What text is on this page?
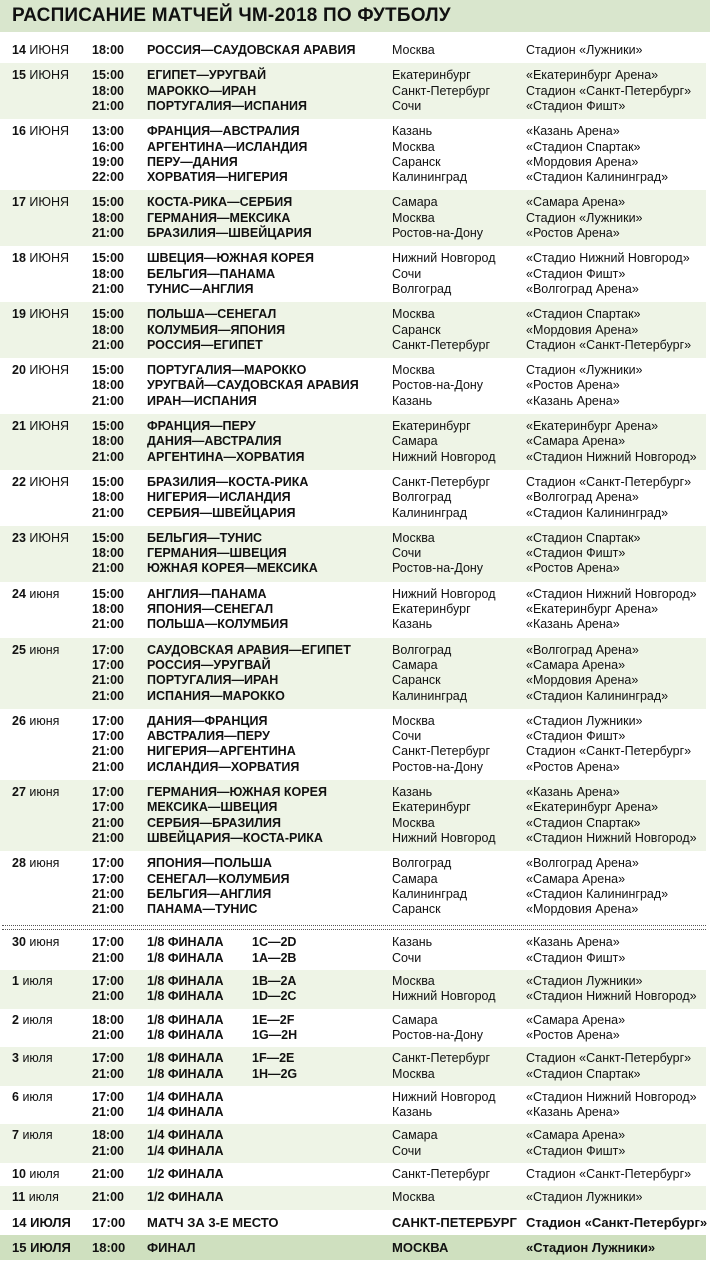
РАСПИСАНИЕ МАТЧЕЙ ЧМ-2018 ПО ФУТБОЛУ
14 ИЮНЯ 18:00 РОССИЯ—САУДОВСКАЯ АРАВИЯ	Москва	Стадион «Лужники»
15 ИЮНЯ 15:00 ЕГИПЕТ—УРУГВАЙ	Екатеринбург	«Екатеринбург Арена»
18:00 МАРОККО—ИРАН	Санкт-Петербург	Стадион «Санкт-Петербург»
21:00 ПОРТУГАЛИЯ—ИСПАНИЯ	Сочи	«Стадион Фишт»
16 ИЮНЯ 13:00 ФРАНЦИЯ—АВСТРАЛИЯ	Казань	«Казань Арена»
16:00 АРГЕНТИНА—ИСЛАНДИЯ	Москва	«Стадион Спартак»
19:00 ПЕРУ—ДАНИЯ	Саранск	«Мордовия Арена»
22:00 ХОРВАТИЯ—НИГЕРИЯ	Калининград	«Стадион Калининград»
17 ИЮНЯ 15:00 КОСТА-РИКА—СЕРБИЯ	Самара	«Самара Арена»
18:00 ГЕРМАНИЯ—МЕКСИКА	Москва	Стадион «Лужники»
21:00 БРАЗИЛИЯ—ШВЕЙЦАРИЯ	Ростов-на-Дону	«Ростов Арена»
18 ИЮНЯ 15:00 ШВЕЦИЯ—ЮЖНАЯ КОРЕЯ	Нижний Новгород «Стадио Нижний Новгород»
18:00 БЕЛЬГИЯ—ПАНАМА	Сочи	«Стадион Фишт»
21:00 ТУНИС—АНГЛИЯ	Волгоград	«Волгоград Арена»
19 ИЮНЯ 15:00 ПОЛЬША—СЕНЕГАЛ	Москва	«Стадион Спартак»
18:00 КОЛУМБИЯ—ЯПОНИЯ	Саранск	«Мордовия Арена»
21:00 РОССИЯ—ЕГИПЕТ	Санкт-Петербург	Стадион «Санкт-Петербург»
20 ИЮНЯ 15:00 ПОРТУГАЛИЯ—МАРОККО	Москва	Стадион «Лужники»
18:00 УРУГВАЙ—САУДОВСКАЯ АРАВИЯ	Ростов-на-Дону	«Ростов Арена»
21:00 ИРАН—ИСПАНИЯ	Казань	«Казань Арена»
21 ИЮНЯ 15:00 ФРАНЦИЯ—ПЕРУ	Екатеринбург	«Екатеринбург Арена»
18:00 ДАНИЯ—АВСТРАЛИЯ	Самара	«Самара Арена»
21:00 АРГЕНТИНА—ХОРВАТИЯ	Нижний Новгород «Стадион Нижний Новгород»
22 ИЮНЯ 15:00 БРАЗИЛИЯ—КОСТА-РИКА	Санкт-Петербург	Стадион «Санкт-Петербург»
18:00 НИГЕРИЯ—ИСЛАНДИЯ	Волгоград	«Волгоград Арена»
21:00 СЕРБИЯ—ШВЕЙЦАРИЯ	Калининград	«Стадион Калининград»
23 ИЮНЯ 15:00 БЕЛЬГИЯ—ТУНИС	Москва	«Стадион Спартак»
18:00 ГЕРМАНИЯ—ШВЕЦИЯ	Сочи	«Стадион Фишт»
21:00 ЮЖНАЯ КОРЕЯ—МЕКСИКА	Ростов-на-Дону	«Ростов Арена»
24 июня	15:00 АНГЛИЯ—ПАНАМА	Нижний Новгород «Стадион Нижний Новгород»
18:00 ЯПОНИЯ—СЕНЕГАЛ	Екатеринбург	«Екатеринбург Арена»
21:00 ПОЛЬША—КОЛУМБИЯ	Казань	«Казань Арена»
25 июня	17:00 САУДОВСКАЯ АРАВИЯ—ЕГИПЕТ	Волгоград	«Волгоград Арена»
17:00 РОССИЯ—УРУГВАЙ	Самара	«Самара Арена»
21:00 ПОРТУГАЛИЯ—ИРАН	Саранск	«Мордовия Арена»
21:00 ИСПАНИЯ—МАРОККО	Калининград	«Стадион Калининград»
26 июня	17:00 ДАНИЯ—ФРАНЦИЯ	Москва	«Стадион Лужники»
17:00 АВСТРАЛИЯ—ПЕРУ	Сочи	«Стадион Фишт»
21:00 НИГЕРИЯ—АРГЕНТИНА	Санкт-Петербург	Стадион «Санкт-Петербург»
21:00 ИСЛАНДИЯ—ХОРВАТИЯ	Ростов-на-Дону	«Ростов Арена»
27 июня	17:00 ГЕРМАНИЯ—ЮЖНАЯ КОРЕЯ	Казань	«Казань Арена»
17:00 МЕКСИКА—ШВЕЦИЯ	Екатеринбург	«Екатеринбург Арена»
21:00 СЕРБИЯ—БРАЗИЛИЯ	Москва	«Стадион Спартак»
21:00 ШВЕЙЦАРИЯ—КОСТА-РИКА	Нижний Новгород «Стадион Нижний Новгород»
28 июня	17:00 ЯПОНИЯ—ПОЛЬША	Волгоград	«Волгоград Арена»
17:00 СЕНЕГАЛ—КОЛУМБИЯ	Самара	«Самара Арена»
21:00 БЕЛЬГИЯ—АНГЛИЯ	Калининград	«Стадион Калининград»
21:00 ПАНАМА—ТУНИС	Саранск	«Мордовия Арена»
30 июня	17:00 1/8 ФИНАЛА 1C—2D	Казань	«Казань Арена»
21:00 1/8 ФИНАЛА 1A—2B	Сочи	«Стадион Фишт»
1 июля	17:00 1/8 ФИНАЛА 1B—2A	Москва	«Стадион Лужники»
21:00 1/8 ФИНАЛА 1D—2C	Нижний Новгород «Стадион Нижний Новгород»
2 июля	18:00 1/8 ФИНАЛА 1E—2F	Самара	«Самара Арена»
21:00 1/8 ФИНАЛА 1G—2H	Ростов-на-Дону	«Ростов Арена»
3 июля	17:00 1/8 ФИНАЛА 1F—2E	Санкт-Петербург	Стадион «Санкт-Петербург»
21:00 1/8 ФИНАЛА 1H—2G	Москва	«Стадион Спартак»
6 июля	17:00 1/4 ФИНАЛА	Нижний Новгород «Стадион Нижний Новгород»
21:00 1/4 ФИНАЛА	Казань	«Казань Арена»
7 июля	18:00 1/4 ФИНАЛА	Самара	«Самара Арена»
21:00 1/4 ФИНАЛА	Сочи	«Стадион Фишт»
10 июля	21:00 1/2 ФИНАЛА	Санкт-Петербург	Стадион «Санкт-Петербург»
11 июля	21:00 1/2 ФИНАЛА	Москва	«Стадион Лужники»
14 ИЮЛЯ 17:00 МАТЧ ЗА 3-Е МЕСТО	САНКТ-ПЕТЕРБУРГ Стадион «Санкт-Петербург»
15 ИЮЛЯ 18:00 ФИНАЛ	МОСКВА	«Стадион Лужники»
